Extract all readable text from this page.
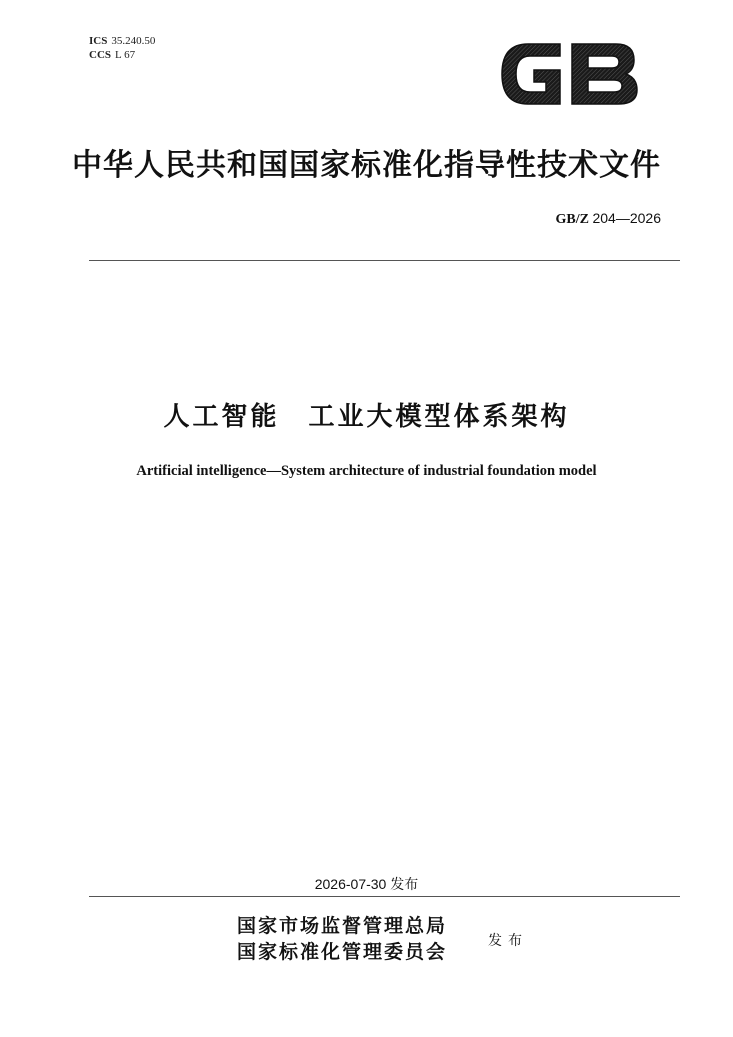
ICS 35.240.50
CCS L 67
GB
中华人民共和国国家标准化指导性技术文件
GB/Z 204—2026
人工智能　工业大模型体系架构
Artificial intelligence—System architecture of industrial foundation model
2026-07-30 发布
国家市场监督管理总局
国家标准化管理委员会	发布
